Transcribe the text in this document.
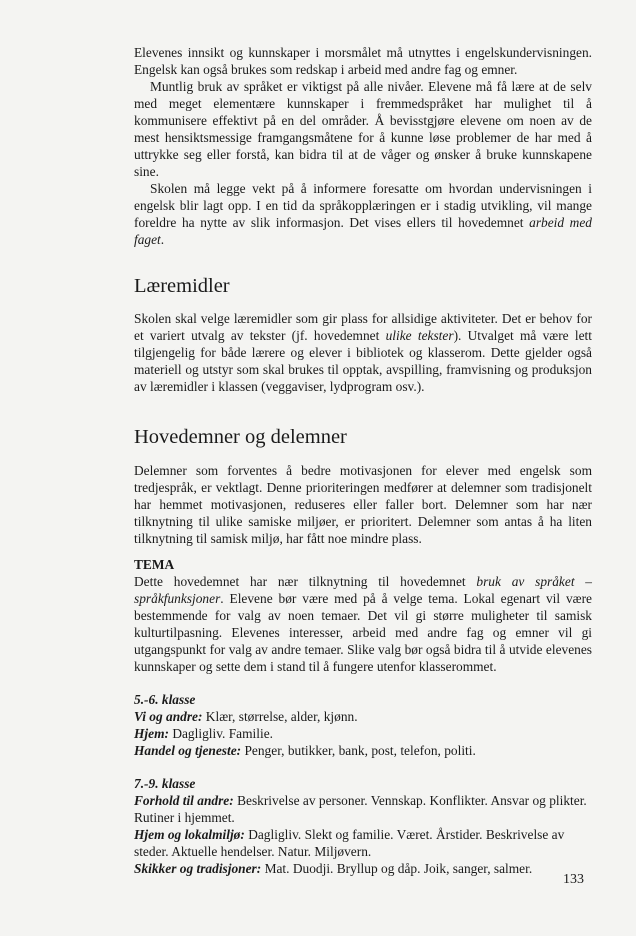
Elevenes innsikt og kunnskaper i morsmålet må utnyttes i engelskundervisningen. Engelsk kan også brukes som redskap i arbeid med andre fag og emner.

Muntlig bruk av språket er viktigst på alle nivåer. Elevene må få lære at de selv med meget elementære kunnskaper i fremmedspråket har mulighet til å kommunisere effektivt på en del områder. Å bevisstgjøre elevene om noen av de mest hensiktsmessige framgangsmåtene for å kunne løse problemer de har med å uttrykke seg eller forstå, kan bidra til at de våger og ønsker å bruke kunnskapene sine.

Skolen må legge vekt på å informere foresatte om hvordan undervisningen i engelsk blir lagt opp. I en tid da språkopplæringen er i stadig utvikling, vil mange foreldre ha nytte av slik informasjon. Det vises ellers til hovedemnet arbeid med faget.

Læremidler

Skolen skal velge læremidler som gir plass for allsidige aktiviteter. Det er behov for et variert utvalg av tekster (jf. hovedemnet ulike tekster). Utvalget må være lett tilgjengelig for både lærere og elever i bibliotek og klasserom. Dette gjelder også materiell og utstyr som skal brukes til opptak, avspilling, framvisning og produksjon av læremidler i klassen (veggaviser, lydprogram osv.).

Hovedemner og delemner

Delemner som forventes å bedre motivasjonen for elever med engelsk som tredjespråk, er vektlagt. Denne prioriteringen medfører at delemner som tradisjonelt har hemmet motivasjonen, reduseres eller faller bort. Delemner som har nær tilknytning til ulike samiske miljøer, er prioritert. Delemner som antas å ha liten tilknytning til samisk miljø, har fått noe mindre plass.

TEMA

Dette hovedemnet har nær tilknytning til hovedemnet bruk av språket – språkfunksjoner. Elevene bør være med på å velge tema. Lokal egenart vil være bestemmende for valg av noen temaer. Det vil gi større muligheter til samisk kulturtilpasning. Elevenes interesser, arbeid med andre fag og emner vil gi utgangspunkt for valg av andre temaer. Slike valg bør også bidra til å utvide elevenes kunnskaper og sette dem i stand til å fungere utenfor klasserommet.

5.-6. klasse

Vi og andre: Klær, størrelse, alder, kjønn.

Hjem: Dagligliv. Familie.

Handel og tjeneste: Penger, butikker, bank, post, telefon, politi.

7.-9. klasse

Forhold til andre: Beskrivelse av personer. Vennskap. Konflikter. Ansvar og plikter. Rutiner i hjemmet.

Hjem og lokalmiljø: Dagligliv. Slekt og familie. Været. Årstider. Beskrivelse av steder. Aktuelle hendelser. Natur. Miljøvern.

Skikker og tradisjoner: Mat. Duodji. Bryllup og dåp. Joik, sanger, salmer.

133
